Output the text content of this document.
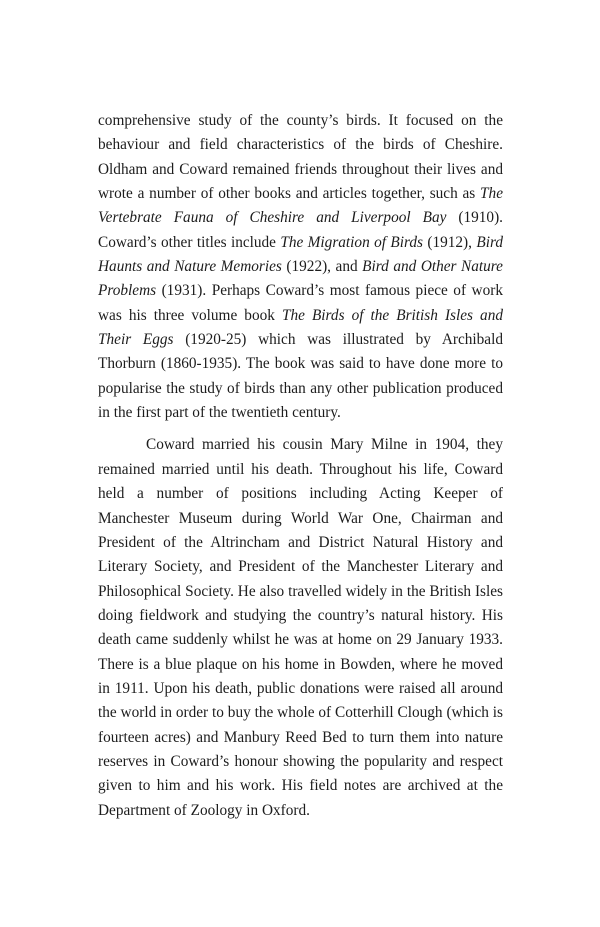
comprehensive study of the county’s birds. It focused on the behaviour and field characteristics of the birds of Cheshire. Oldham and Coward remained friends throughout their lives and wrote a number of other books and articles together, such as The Vertebrate Fauna of Cheshire and Liverpool Bay (1910). Coward’s other titles include The Migration of Birds (1912), Bird Haunts and Nature Memories (1922), and Bird and Other Nature Problems (1931). Perhaps Coward’s most famous piece of work was his three volume book The Birds of the British Isles and Their Eggs (1920-25) which was illustrated by Archibald Thorburn (1860-1935). The book was said to have done more to popularise the study of birds than any other publication produced in the first part of the twentieth century.

Coward married his cousin Mary Milne in 1904, they remained married until his death. Throughout his life, Coward held a number of positions including Acting Keeper of Manchester Museum during World War One, Chairman and President of the Altrincham and District Natural History and Literary Society, and President of the Manchester Literary and Philosophical Society. He also travelled widely in the British Isles doing fieldwork and studying the country’s natural history. His death came suddenly whilst he was at home on 29 January 1933. There is a blue plaque on his home in Bowden, where he moved in 1911. Upon his death, public donations were raised all around the world in order to buy the whole of Cotterhill Clough (which is fourteen acres) and Manbury Reed Bed to turn them into nature reserves in Coward’s honour showing the popularity and respect given to him and his work. His field notes are archived at the Department of Zoology in Oxford.
